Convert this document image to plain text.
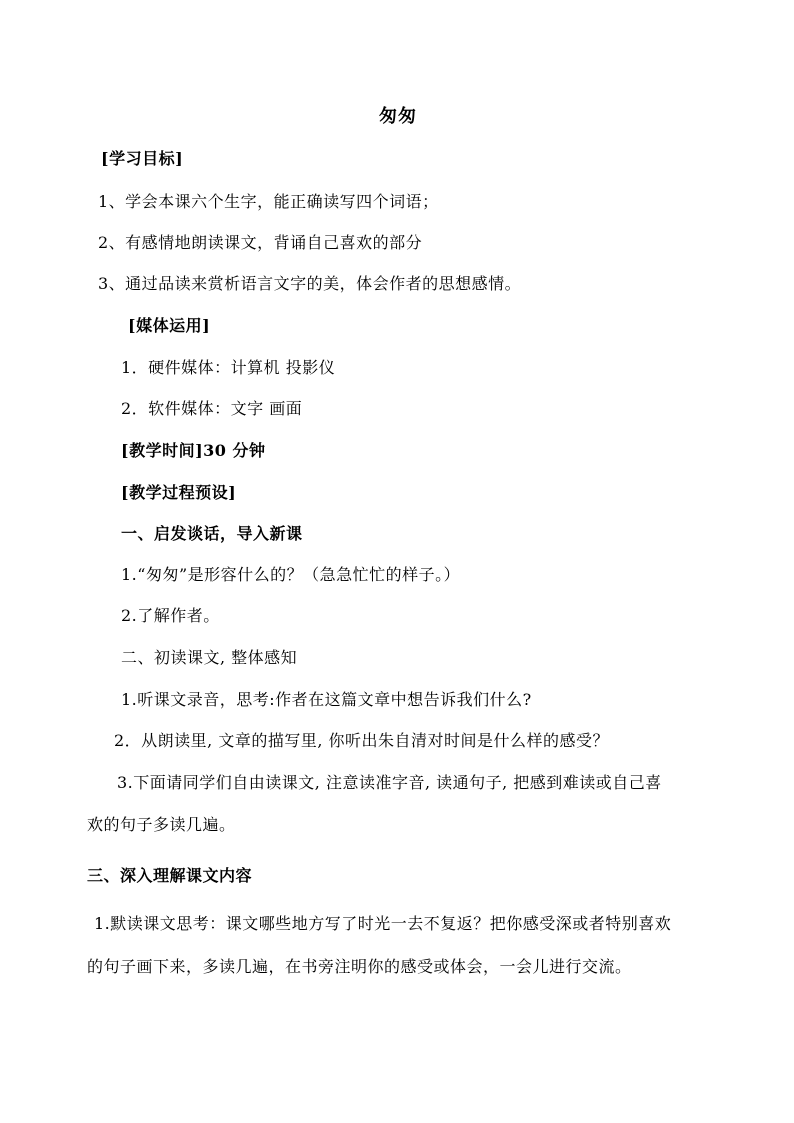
匆匆
[学习目标]
1、学会本课六个生字，能正确读写四个词语；
2、有感情地朗读课文，背诵自己喜欢的部分
3、通过品读来赏析语言文字的美，体会作者的思想感情。
[媒体运用]
1．硬件媒体：计算机 投影仪
2．软件媒体：文字 画面
[教学时间]30 分钟
[教学过程预设]
一、启发谈话，导入新课
1.“匆匆”是形容什么的？（急急忙忙的样子。）
2.了解作者。
二、初读课文, 整体感知
1.听课文录音，思考:作者在这篇文章中想告诉我们什么?
2．从朗读里, 文章的描写里, 你听出朱自清对时间是什么样的感受？
3.下面请同学们自由读课文, 注意读准字音, 读通句子, 把感到难读或自己喜
欢的句子多读几遍。
三、深入理解课文内容
1.默读课文思考：课文哪些地方写了时光一去不复返？把你感受深或者特别喜欢
的句子画下来，多读几遍，在书旁注明你的感受或体会，一会儿进行交流。
